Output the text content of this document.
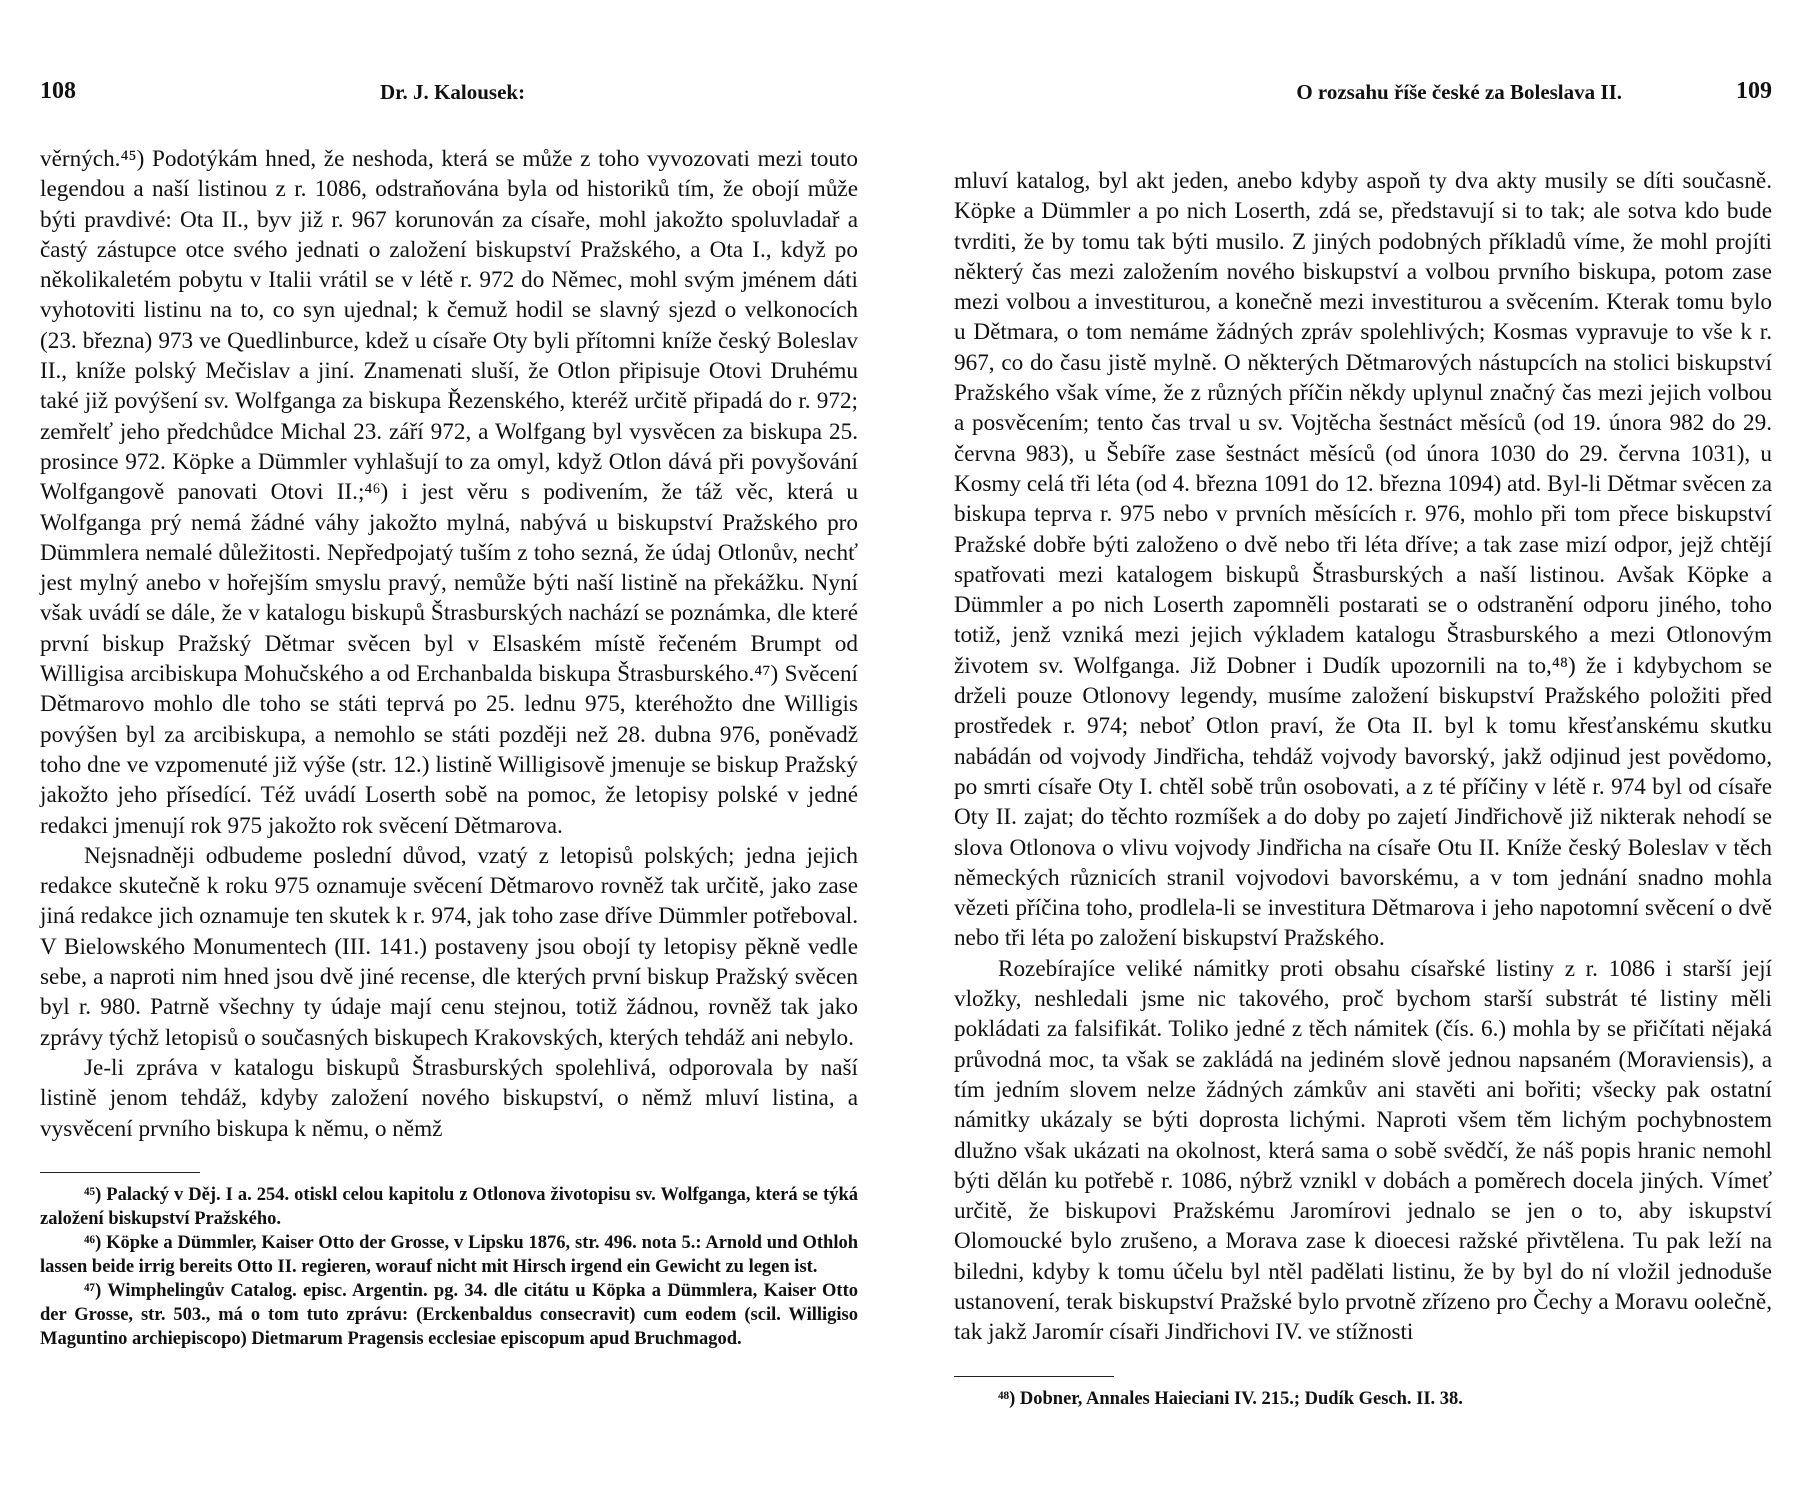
108	Dr. J. Kalousek:

věrných.⁴⁵) Podotýkám hned, že neshoda, která se může z toho vyvozovati mezi touto legendou a naší listinou z r. 1086, odstraňována byla od historiků tím, že obojí může býti pravdivé: Ota II., byv již r. 967 korunován za císaře, mohl jakožto spoluvladař a častý zástupce otce svého jednati o založení biskupství Pražského, a Ota I., když po několikaletém pobytu v Italii vrátil se v létě r. 972 do Němec, mohl svým jménem dáti vyhotoviti listinu na to, co syn ujednal; k čemuž hodil se slavný sjezd o velkonocích (23. března) 973 ve Quedlinburce, kdež u císaře Oty byli přítomni kníže český Boleslav II., kníže polský Mečislav a jiní. Znamenati sluší, že Otlon připisuje Otovi Druhému také již povýšení sv. Wolfganga za biskupa Řezenského, kteréž určitě připadá do r. 972; zemřelť jeho předchůdce Michal 23. září 972, a Wolfgang byl vysvěcen za biskupa 25. prosince 972. Köpke a Dümmler vyhlašují to za omyl, když Otlon dává při povyšování Wolfgangově panovati Otovi II.;⁴⁶) i jest věru s podivením, že táž věc, která u Wolfganga prý nemá žádné váhy jakožto mylná, nabývá u biskupství Pražského pro Dümmlera nemalé důležitosti. Nepředpojatý tuším z toho sezná, že údaj Otlonův, nechť jest mylný anebo v hořejším smyslu pravý, nemůže býti naší listině na překážku. Nyní však uvádí se dále, že v katalogu biskupů Štrasburských nachází se poznámka, dle které první biskup Pražský Dětmar svěcen byl v Elsaském místě řečeném Brumpt od Willigisa arcibiskupa Mohučského a od Erchanbalda biskupa Štrasburského.⁴⁷) Svěcení Dětmarovo mohlo dle toho se státi teprvá po 25. lednu 975, kteréhožto dne Willigis povýšen byl za arcibiskupa, a nemohlo se státi později než 28. dubna 976, poněvadž toho dne ve vzpomenuté již výše (str. 12.) listině Willigisově jmenuje se biskup Pražský jakožto jeho přísedící. Též uvádí Loserth sobě na pomoc, že letopisy polské v jedné redakci jmenují rok 975 jakožto rok svěcení Dětmarova.

Nejsnadněji odbudeme poslední důvod, vzatý z letopisů polských; jedna jejich redakce skutečně k roku 975 oznamuje svěcení Dětmarovo rovněž tak určitě, jako zase jiná redakce jich oznamuje ten skutek k r. 974, jak toho zase dříve Dümmler potřeboval. V Bielowského Monumentech (III. 141.) postaveny jsou obojí ty letopisy pěkně vedle sebe, a naproti nim hned jsou dvě jiné recense, dle kterých první biskup Pražský svěcen byl r. 980. Patrně všechny ty údaje mají cenu stejnou, totiž žádnou, rovněž tak jako zprávy týchž letopisů o současných biskupech Krakovských, kterých tehdáž ani nebylo.

Je-li zpráva v katalogu biskupů Štrasburských spolehlivá, odporovala by naší listině jenom tehdáž, kdyby založení nového biskupství, o němž mluví listina, a vysvěcení prvního biskupa k němu, o němž

⁴⁵) Palacký v Děj. I a. 254. otiskl celou kapitolu z Otlonova životopisu sv. Wolfganga, která se týká založení biskupství Pražského.

⁴⁶) Köpke a Dümmler, Kaiser Otto der Grosse, v Lipsku 1876, str. 496. nota 5.: Arnold und Othloh lassen beide irrig bereits Otto II. regieren, worauf nicht mit Hirsch irgend ein Gewicht zu legen ist.

⁴⁷) Wimphelingův Catalog. episc. Argentin. pg. 34. dle citátu u Köpka a Dümmlera, Kaiser Otto der Grosse, str. 503., má o tom tuto zprávu: (Erckenbaldus consecravit) cum eodem (scil. Willigiso Maguntino archiepiscopo) Dietmarum Pragensis ecclesiae episcopum apud Bruchmagod.

O rozsahu říše české za Boleslava II.	109

mluví katalog, byl akt jeden, anebo kdyby aspoň ty dva akty musily se díti současně. Köpke a Dümmler a po nich Loserth, zdá se, představují si to tak; ale sotva kdo bude tvrditi, že by tomu tak býti musilo. Z jiných podobných příkladů víme, že mohl projíti některý čas mezi založením nového biskupství a volbou prvního biskupa, potom zase mezi volbou a investiturou, a konečně mezi investiturou a svěcením. Kterak tomu bylo u Dětmara, o tom nemáme žádných zpráv spolehlivých; Kosmas vypravuje to vše k r. 967, co do času jistě mylně. O některých Dětmarových nástupcích na stolici biskupství Pražského však víme, že z různých příčin někdy uplynul značný čas mezi jejich volbou a posvěcením; tento čas trval u sv. Vojtěcha šestnáct měsíců (od 19. února 982 do 29. června 983), u Šebíře zase šestnáct měsíců (od února 1030 do 29. června 1031), u Kosmy celá tři léta (od 4. března 1091 do 12. března 1094) atd. Byl-li Dětmar svěcen za biskupa teprva r. 975 nebo v prvních měsících r. 976, mohlo při tom přece biskupství Pražské dobře býti založeno o dvě nebo tři léta dříve; a tak zase mizí odpor, jejž chtějí spatřovati mezi katalogem biskupů Štrasburských a naší listinou. Avšak Köpke a Dümmler a po nich Loserth zapomněli postarati se o odstranění odporu jiného, toho totiž, jenž vzniká mezi jejich výkladem katalogu Štrasburského a mezi Otlonovým životem sv. Wolfganga. Již Dobner i Dudík upozornili na to,⁴⁸) že i kdybychom se drželi pouze Otlonovy legendy, musíme založení biskupství Pražského položiti před prostředek r. 974; neboť Otlon praví, že Ota II. byl k tomu křesťanskému skutku nabádán od vojvody Jindřicha, tehdáž vojvody bavorský, jakž odjinud jest povědomo, po smrti císaře Oty I. chtěl sobě trůn osobovati, a z té příčiny v létě r. 974 byl od císaře Oty II. zajat; do těchto rozmíšek a do doby po zajetí Jindřichově již nikterak nehodí se slova Otlonova o vlivu vojvody Jindřicha na císaře Otu II. Kníže český Boleslav v těch německých různicích stranil vojvodovi bavorskému, a v tom jednání snadno mohla vězeti příčina toho, prodlela-li se investitura Dětmarova i jeho napotomní svěcení o dvě nebo tři léta po založení biskupství Pražského.

Rozebírajíce veliké námitky proti obsahu císařské listiny z r. 1086 i starší její vložky, neshledali jsme nic takového, proč bychom starší substrát té listiny měli pokládati za falsifikát. Toliko jedné z těch námitek (čís. 6.) mohla by se přičítati nějaká průvodná moc, ta však se zakládá na jediném slově jednou napsaném (Moraviensis), a tím jedním slovem nelze žádných zámkův ani stavěti ani bořiti; všecky pak ostatní námitky ukázaly se býti doprosta lichými. Naproti všem těm lichým pochybnostem dlužno však ukázati na okolnost, která sama o sobě svědčí, že náš popis hranic nemohl býti dělán ku potřebě r. 1086, nýbrž vznikl v dobách a poměrech docela jiných. Vímeť určitě, že biskupovi Pražskému Jaromírovi jednalo se jen o to, aby iskupství Olomoucké bylo zrušeno, a Morava zase k dioecesi ražské přivtělena. Tu pak leží na biledni, kdyby k tomu účelu byl ntěl padělati listinu, že by byl do ní vložil jednoduše ustanovení, terak biskupství Pražské bylo prvotně zřízeno pro Čechy a Moravu oolečně, tak jakž Jaromír císaři Jindřichovi IV. ve stížnosti

⁴⁸) Dobner, Annales Haieciani IV. 215.; Dudík Gesch. II. 38.
